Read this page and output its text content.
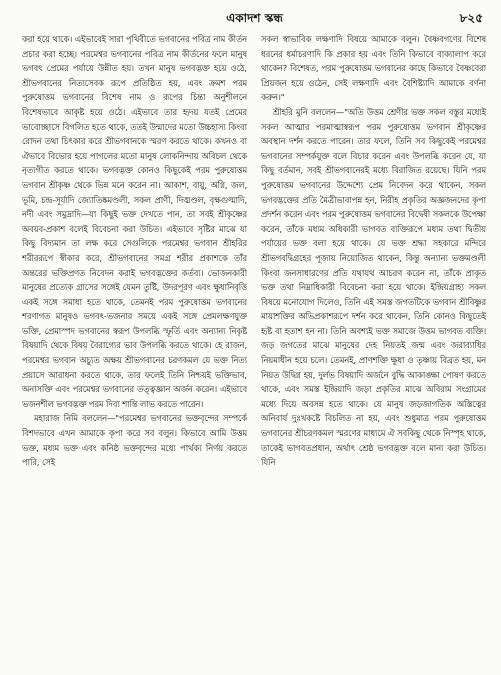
একাদশ স্কন্ধ	৮২৫

করা হয়ে থাকে। এইভাবেই সারা পৃথিবীতে ভগবানের পবিত্র নাম কীর্তন প্রচার করা হচ্ছে। পরমেশ্বর ভগবানের পবিত্র নাম কীর্তনের ফলে মানুষ ভগবৎ প্রেমের পর্যায়ে উন্নীত হয়। তখন মানুষ ভগবদ্ভক্ত হয়ে ওঠে, শ্রীভগবানের নিত্যসেবক রূপে প্রতিষ্ঠিত হয়, এবং ক্রমশ পরম পুরুষোত্তম ভগবানের বিশেষ নাম ও রূপের চিন্তা অনুশীলনে বিশেষভাবে আকৃষ্ট হয়ে ওঠে। এইভাবে তার হৃদয় যতই প্রেমের ভাবোচ্ছাসে বিগলিত হতে থাকে, ততই উন্মাদের মতো উচ্চহাস্য কিংবা রোদন তথা চিৎকার করে শ্রীভগবানকে স্মরণ করতে থাকে। কখনও বা ঐভাবে বিভোর হয়ে পাগলের মতো মানুষ লোকনিন্দায় অবিচল থেকে নৃত্যগীত করতে থাকে। ভগবদ্ভক্ত কোনও কিছুকেই পরম পুরুষোত্তম ভগবান শ্রীকৃষ্ণ থেকে ভিন্ন মনে করেন না। আকাশ, বায়ু, অগ্নি, জল, ভূমি, চন্দ্র-সূর্যাদি জ্যোতিষ্কমণ্ডলী, সকল প্রাণী, দিঙ্মণ্ডল, বৃক্ষগুল্মাদি, নদী এবং সমুদ্রাদি—যা কিছুই ভক্ত দেখতে পান, তা সবই শ্রীকৃষ্ণের অবয়ব-প্রকাশ বলেই বিবেচনা করা উচিত। এইভাবে সৃষ্টির মাঝে যা কিছু বিদ্যমান তা লক্ষ করে সেগুলিকে পরমেশ্বর ভগবান শ্রীহরির শরীররূপে স্বীকার করে, শ্রীভগবানের সমগ্র শরীর প্রকাশকে তাঁর অন্তরের ভক্তিপ্রণত নিবেদন করাই ভগবদ্ভক্তের কর্তব্য। ভোজনকারী মানুষের প্রত্যেক গ্রাসের সঙ্গেই যেমন তুষ্টি, উদরপূরণ এবং ক্ষুধানিবৃত্তি একই সঙ্গে সমাধা হতে থাকে, তেমনই পরম পুরুষোত্তম ভগবানের শরণাগত মানুষও ভগবৎ-ভজনার সময়ে একই সঙ্গে প্রেমলক্ষণযুক্ত ভক্তি, প্রেমাস্পদ ভগবানের স্বরূপ উপলব্ধি স্ফূর্তি এবং অন্যান্য নিকৃষ্ট বিষয়াদি থেকে বিষয় বৈরাগ্যের ভাব উপলব্ধি করতে থাকে। হে রাজন, পরমেশ্বর ভগবান অচ্যুত অক্ষয় শ্রীভগবানের চরণকমল যে ভক্ত নিত্য প্রয়াসে আরাধনা করতে থাকে, তার ফলেই তিনি নিশ্চয়ই ভক্তিভাব, অনাসক্তি এবং পরমেশ্বর ভগবানের তত্ত্বজ্ঞান অর্জন করেন। এইভাবে ভজনশীল ভগবদ্ভক্ত পরম দিব্য শান্তি লাভ করতে পারেন।

মহারাজ নিমি বললেন—"পরমেশ্বর ভগবানের ভক্তবৃন্দের সম্পর্কে বিশদভাবে এখন আমাকে কৃপা করে সব বলুন। কিভাবে আমি উত্তম ভক্ত, মধ্যম ভক্ত এবং কনিষ্ঠ ভক্তবৃন্দের মধ্যে পার্থক্য নির্ণয় করতে পারি, সেই

সকল স্বাভাবিক লক্ষণাদি বিষয়ে আমাকে বলুন। বৈষ্ণবগণের বিশেষ ধরনের ধর্মাচরণাদি কি প্রকার হয় এবং তিনি কিভাবে বাক্যালাপ করে থাকেন? বিশেষত, পরম পুরুষোত্তম ভগবানের কাছে কিভাবে বৈষ্ণবেরা প্রিয়জন হয়ে ওঠেন, সেই লক্ষণাদি এবং বৈশিষ্ট্যাদি আমাকে বর্ণনা করুন।"

শ্রীহরি মুনি বললেন—"অতি উত্তম শ্রেণীর ভক্ত সকল বস্তুর মধ্যেই সকল আত্মার পরমাত্মাস্বরূপ পরম পুরুষোত্তম ভগবান শ্রীকৃষ্ণের অবস্থান দর্শন করতে পারেন। তার ফলে, তিনি সব কিছুকেই পরমেশ্বর ভগবানের সম্পর্কযুক্ত বলে বিচার করেন এবং উপলব্ধি করেন যে, যা কিছু বর্তমান, সবই শ্রীভগবানেরই মধ্যে বিরাজিত রয়েছে। যিনি পরম পুরুষোত্তম ভগবানের উদ্দেশ্যে প্রেম নিবেদন করে থাকেন, সকল ভগবদ্ভক্তের প্রতি মৈত্রীভাবাপন্ন হন, নিরীহ প্রকৃতির অজ্ঞজনদের কৃপা প্রদর্শন করেন এবং পরম পুরুষোত্তম ভগবানের বিদ্বেষী সকলকে উপেক্ষা করেন, তাঁকে মধ্যম অধিকারী ভাগবত ব্যক্তিরূপে মধ্যম তথা দ্বিতীয় পর্যায়ের ভক্ত বলা হয়ে থাকে। যে ভক্ত শ্রদ্ধা সহকারে মন্দিরে শ্রীভগবদ্বিগ্রহের পূজায় নিয়োজিত থাকেন, কিন্তু অন্যান্য ভক্তমণ্ডলী কিংবা জনসাধারণের প্রতি যথাযথ আচরণ করেন না, তাঁকে প্রাকৃত ভক্ত তথা নিম্নাধিকারী বিবেচনা করা হয়ে থাকে। ইন্দ্রিয়গ্রাহ্য সকল বিষয়ে মনোযোগ দিলেও, তিনি এই সমস্ত জগতটিকে ভগবান শ্রীবিষ্ণুর মায়াশক্তির অভিপ্রকাশরূপে দর্শন করে থাকেন, তিনি কোনও কিছুতেই হৃষ্ট বা হতাশ হন না। তিনি অবশ্যই ভক্ত সমাজে উত্তম ভাগবত ব্যক্তি। জড় জগতের মাঝে মানুষের দেহ নিয়তই জন্ম এবং জরাব্যাধির নিয়মাধীন হয়ে চলে। তেমনই, প্রাণশক্তি ক্ষুধা ও তৃষ্ণায় বিব্রত হয়, মন নিয়ত উদ্বিগ্ন হয়, দুর্লভ বিষয়াদি অর্জনে বুদ্ধি আকাঙ্ক্ষা পোষণ করতে থাকে, এবং সমস্ত ইন্দ্রিয়াদি জড়া প্রকৃতির মাঝে অবিরাম সংগ্রামের মধ্যে দিয়ে অবসন্ন হতে থাকে। যে মানুষ জড়জাগতিক অস্তিত্বের অনিবার্য দুঃখকষ্টে বিচলিত না হয়, এবং শুধুমাত্র পরম পুরুষোত্তম ভগবানের শ্রীচরণকমল স্মরণের মাধ্যমে ঐ সবকিছু থেকে নিস্পৃহ থাকে, তাকেই ভাগবতপ্রধান, অর্থাৎ শ্রেষ্ঠ ভগবদ্ভক্ত বলে মান্য করা উচিত। যিনি
